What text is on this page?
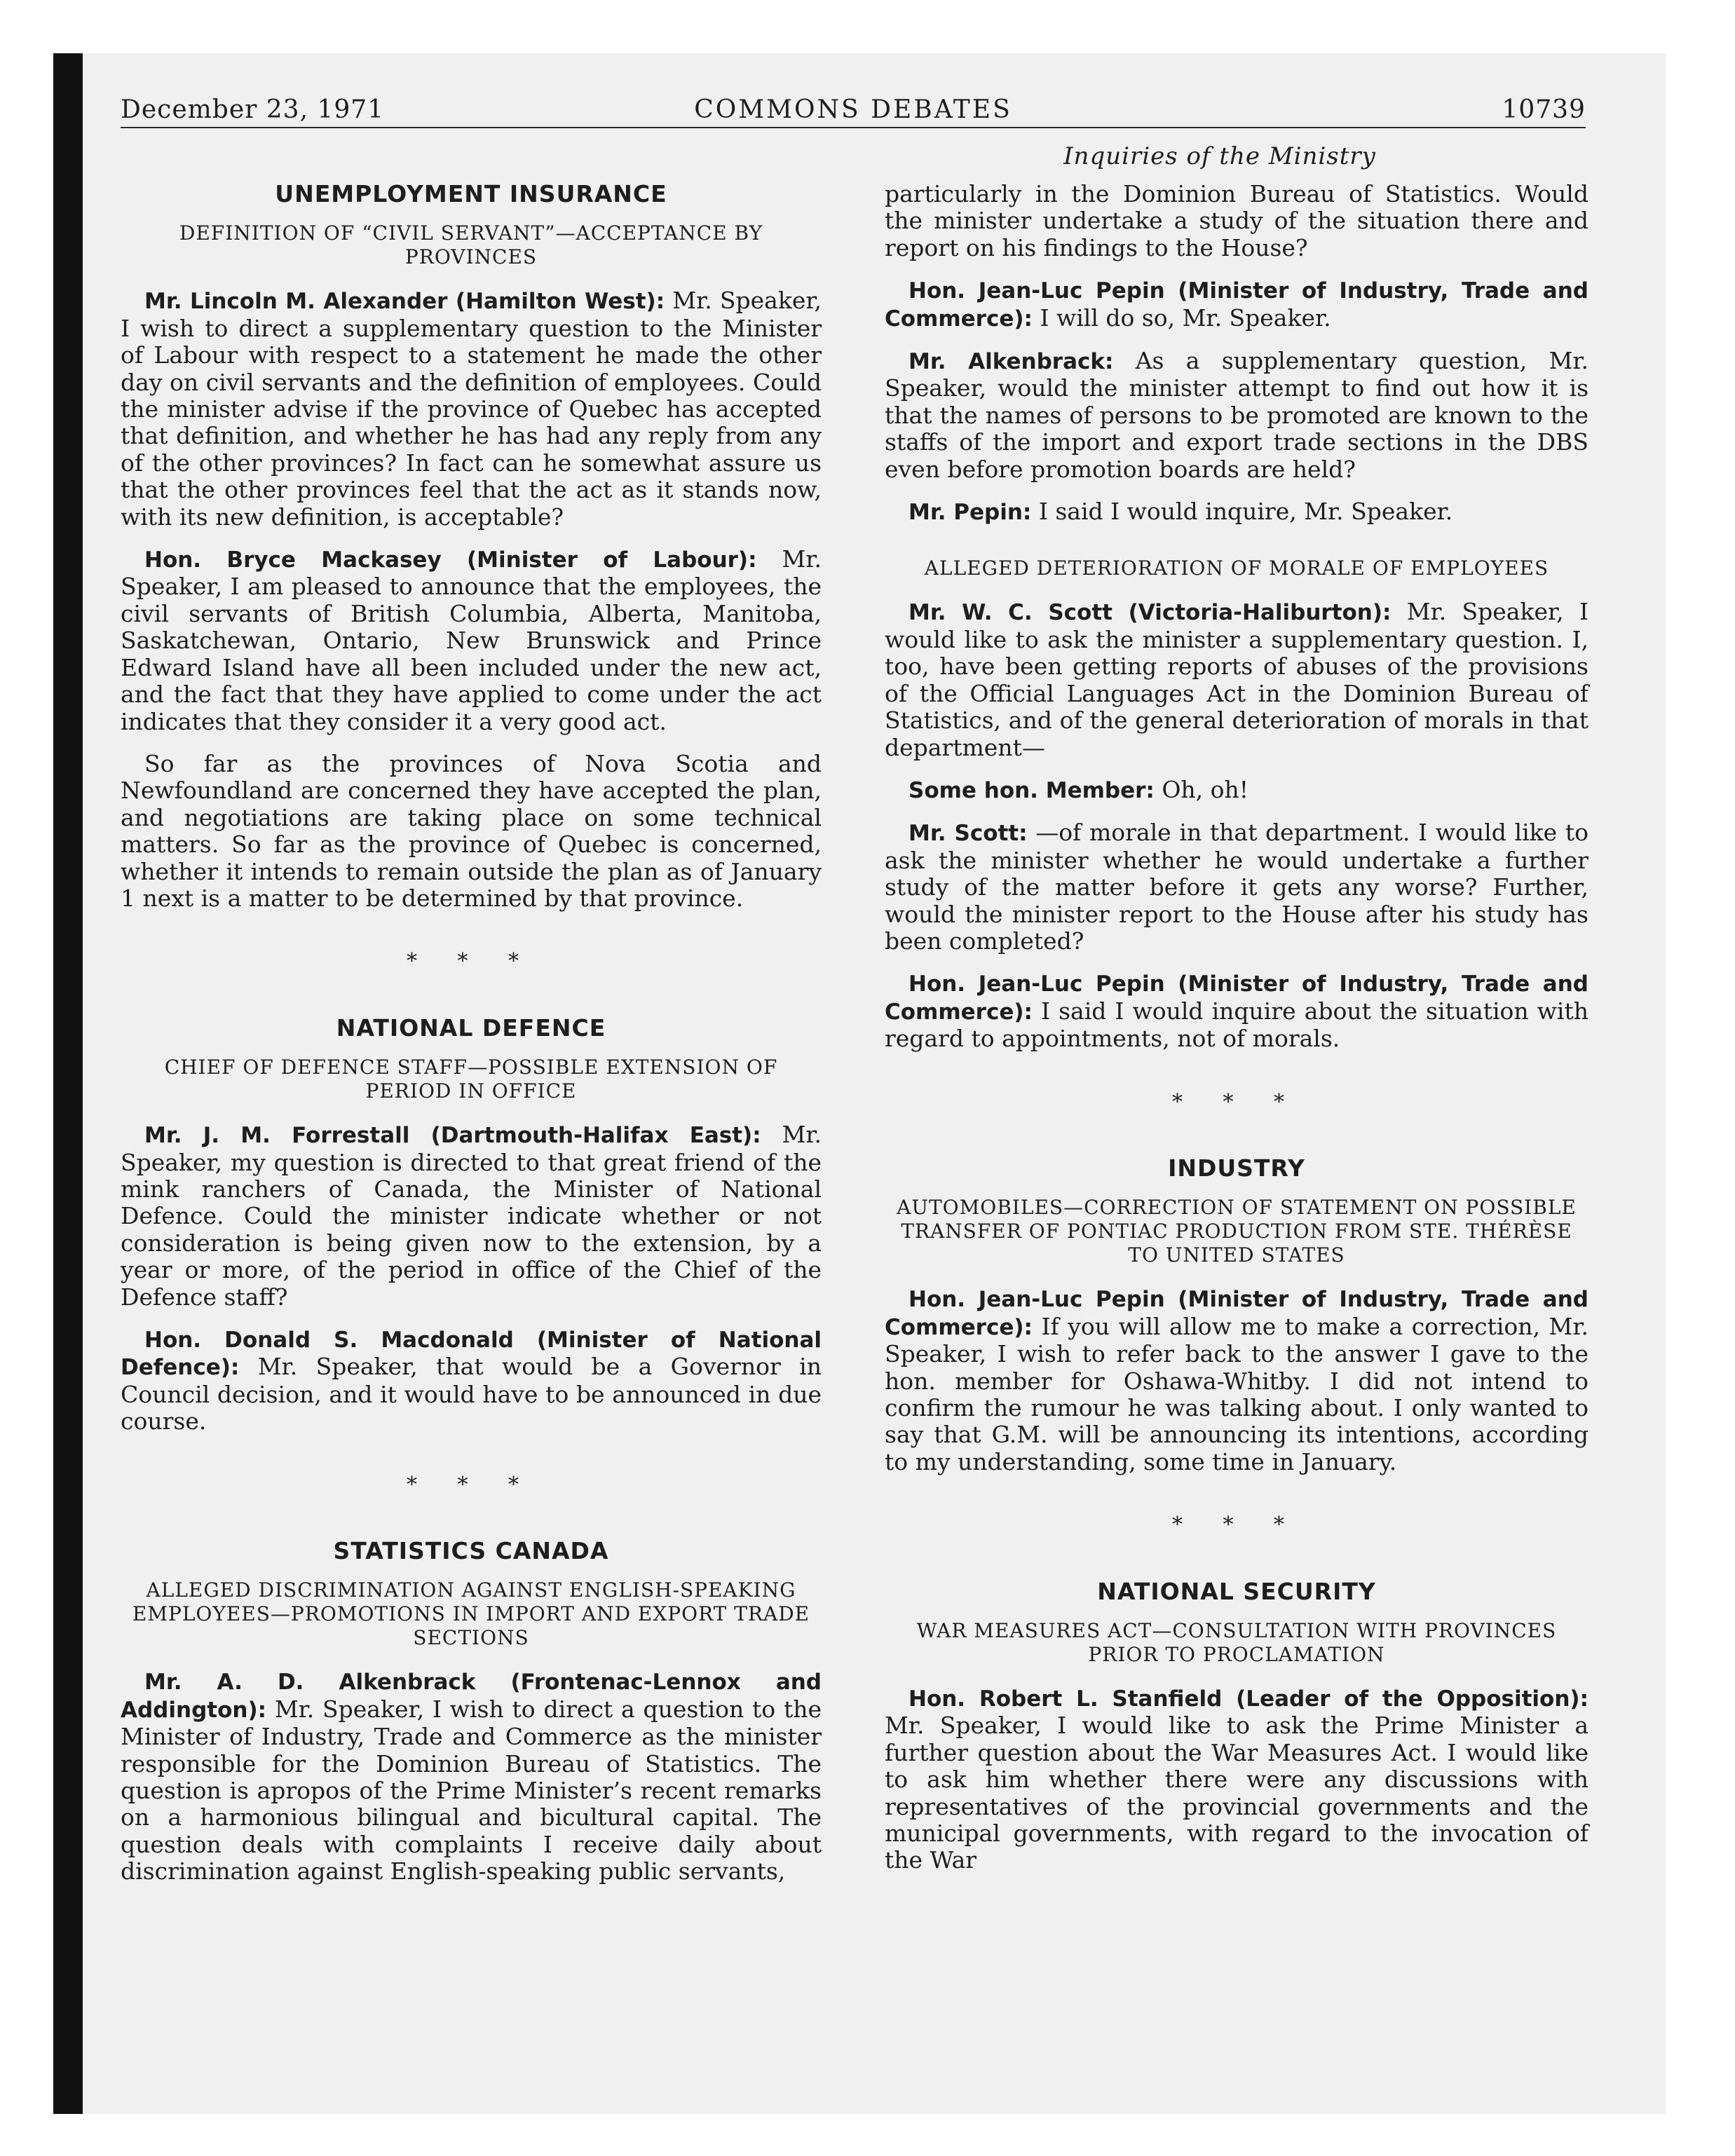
December 23, 1971	COMMONS DEBATES	10739
Inquiries of the Ministry
UNEMPLOYMENT INSURANCE
DEFINITION OF “CIVIL SERVANT”—ACCEPTANCE BY PROVINCES

Mr. Lincoln M. Alexander (Hamilton West): Mr. Speaker, I wish to direct a supplementary question to the Minister of Labour with respect to a statement he made the other day on civil servants and the definition of employees. Could the minister advise if the province of Quebec has accepted that definition, and whether he has had any reply from any of the other provinces? In fact can he somewhat assure us that the other provinces feel that the act as it stands now, with its new definition, is acceptable?

Hon. Bryce Mackasey (Minister of Labour): Mr. Speaker, I am pleased to announce that the employees, the civil servants of British Columbia, Alberta, Manitoba, Saskatchewan, Ontario, New Brunswick and Prince Edward Island have all been included under the new act, and the fact that they have applied to come under the act indicates that they consider it a very good act.

So far as the provinces of Nova Scotia and Newfoundland are concerned they have accepted the plan, and negotiations are taking place on some technical matters. So far as the province of Quebec is concerned, whether it intends to remain outside the plan as of January 1 next is a matter to be determined by that province.

* * *
NATIONAL DEFENCE
CHIEF OF DEFENCE STAFF—POSSIBLE EXTENSION OF PERIOD IN OFFICE

Mr. J. M. Forrestall (Dartmouth-Halifax East): Mr. Speaker, my question is directed to that great friend of the mink ranchers of Canada, the Minister of National Defence. Could the minister indicate whether or not consideration is being given now to the extension, by a year or more, of the period in office of the Chief of the Defence staff?

Hon. Donald S. Macdonald (Minister of National Defence): Mr. Speaker, that would be a Governor in Council decision, and it would have to be announced in due course.

* * *
STATISTICS CANADA
ALLEGED DISCRIMINATION AGAINST ENGLISH-SPEAKING EMPLOYEES—PROMOTIONS IN IMPORT AND EXPORT TRADE SECTIONS

Mr. A. D. Alkenbrack (Frontenac-Lennox and Addington): Mr. Speaker, I wish to direct a question to the Minister of Industry, Trade and Commerce as the minister responsible for the Dominion Bureau of Statistics. The question is apropos of the Prime Minister’s recent remarks on a harmonious bilingual and bicultural capital. The question deals with complaints I receive daily about discrimination against English-speaking public servants,

particularly in the Dominion Bureau of Statistics. Would the minister undertake a study of the situation there and report on his findings to the House?

Hon. Jean-Luc Pepin (Minister of Industry, Trade and Commerce): I will do so, Mr. Speaker.

Mr. Alkenbrack: As a supplementary question, Mr. Speaker, would the minister attempt to find out how it is that the names of persons to be promoted are known to the staffs of the import and export trade sections in the DBS even before promotion boards are held?

Mr. Pepin: I said I would inquire, Mr. Speaker.

ALLEGED DETERIORATION OF MORALE OF EMPLOYEES

Mr. W. C. Scott (Victoria-Haliburton): Mr. Speaker, I would like to ask the minister a supplementary question. I, too, have been getting reports of abuses of the provisions of the Official Languages Act in the Dominion Bureau of Statistics, and of the general deterioration of morals in that department—

Some hon. Member: Oh, oh!

Mr. Scott: —of morale in that department. I would like to ask the minister whether he would undertake a further study of the matter before it gets any worse? Further, would the minister report to the House after his study has been completed?

Hon. Jean-Luc Pepin (Minister of Industry, Trade and Commerce): I said I would inquire about the situation with regard to appointments, not of morals.

* * *
INDUSTRY
AUTOMOBILES—CORRECTION OF STATEMENT ON POSSIBLE TRANSFER OF PONTIAC PRODUCTION FROM STE. THÉRÈSE TO UNITED STATES

Hon. Jean-Luc Pepin (Minister of Industry, Trade and Commerce): If you will allow me to make a correction, Mr. Speaker, I wish to refer back to the answer I gave to the hon. member for Oshawa-Whitby. I did not intend to confirm the rumour he was talking about. I only wanted to say that G.M. will be announcing its intentions, according to my understanding, some time in January.

* * *
NATIONAL SECURITY
WAR MEASURES ACT—CONSULTATION WITH PROVINCES PRIOR TO PROCLAMATION

Hon. Robert L. Stanfield (Leader of the Opposition): Mr. Speaker, I would like to ask the Prime Minister a further question about the War Measures Act. I would like to ask him whether there were any discussions with representatives of the provincial governments and the municipal governments, with regard to the invocation of the War
